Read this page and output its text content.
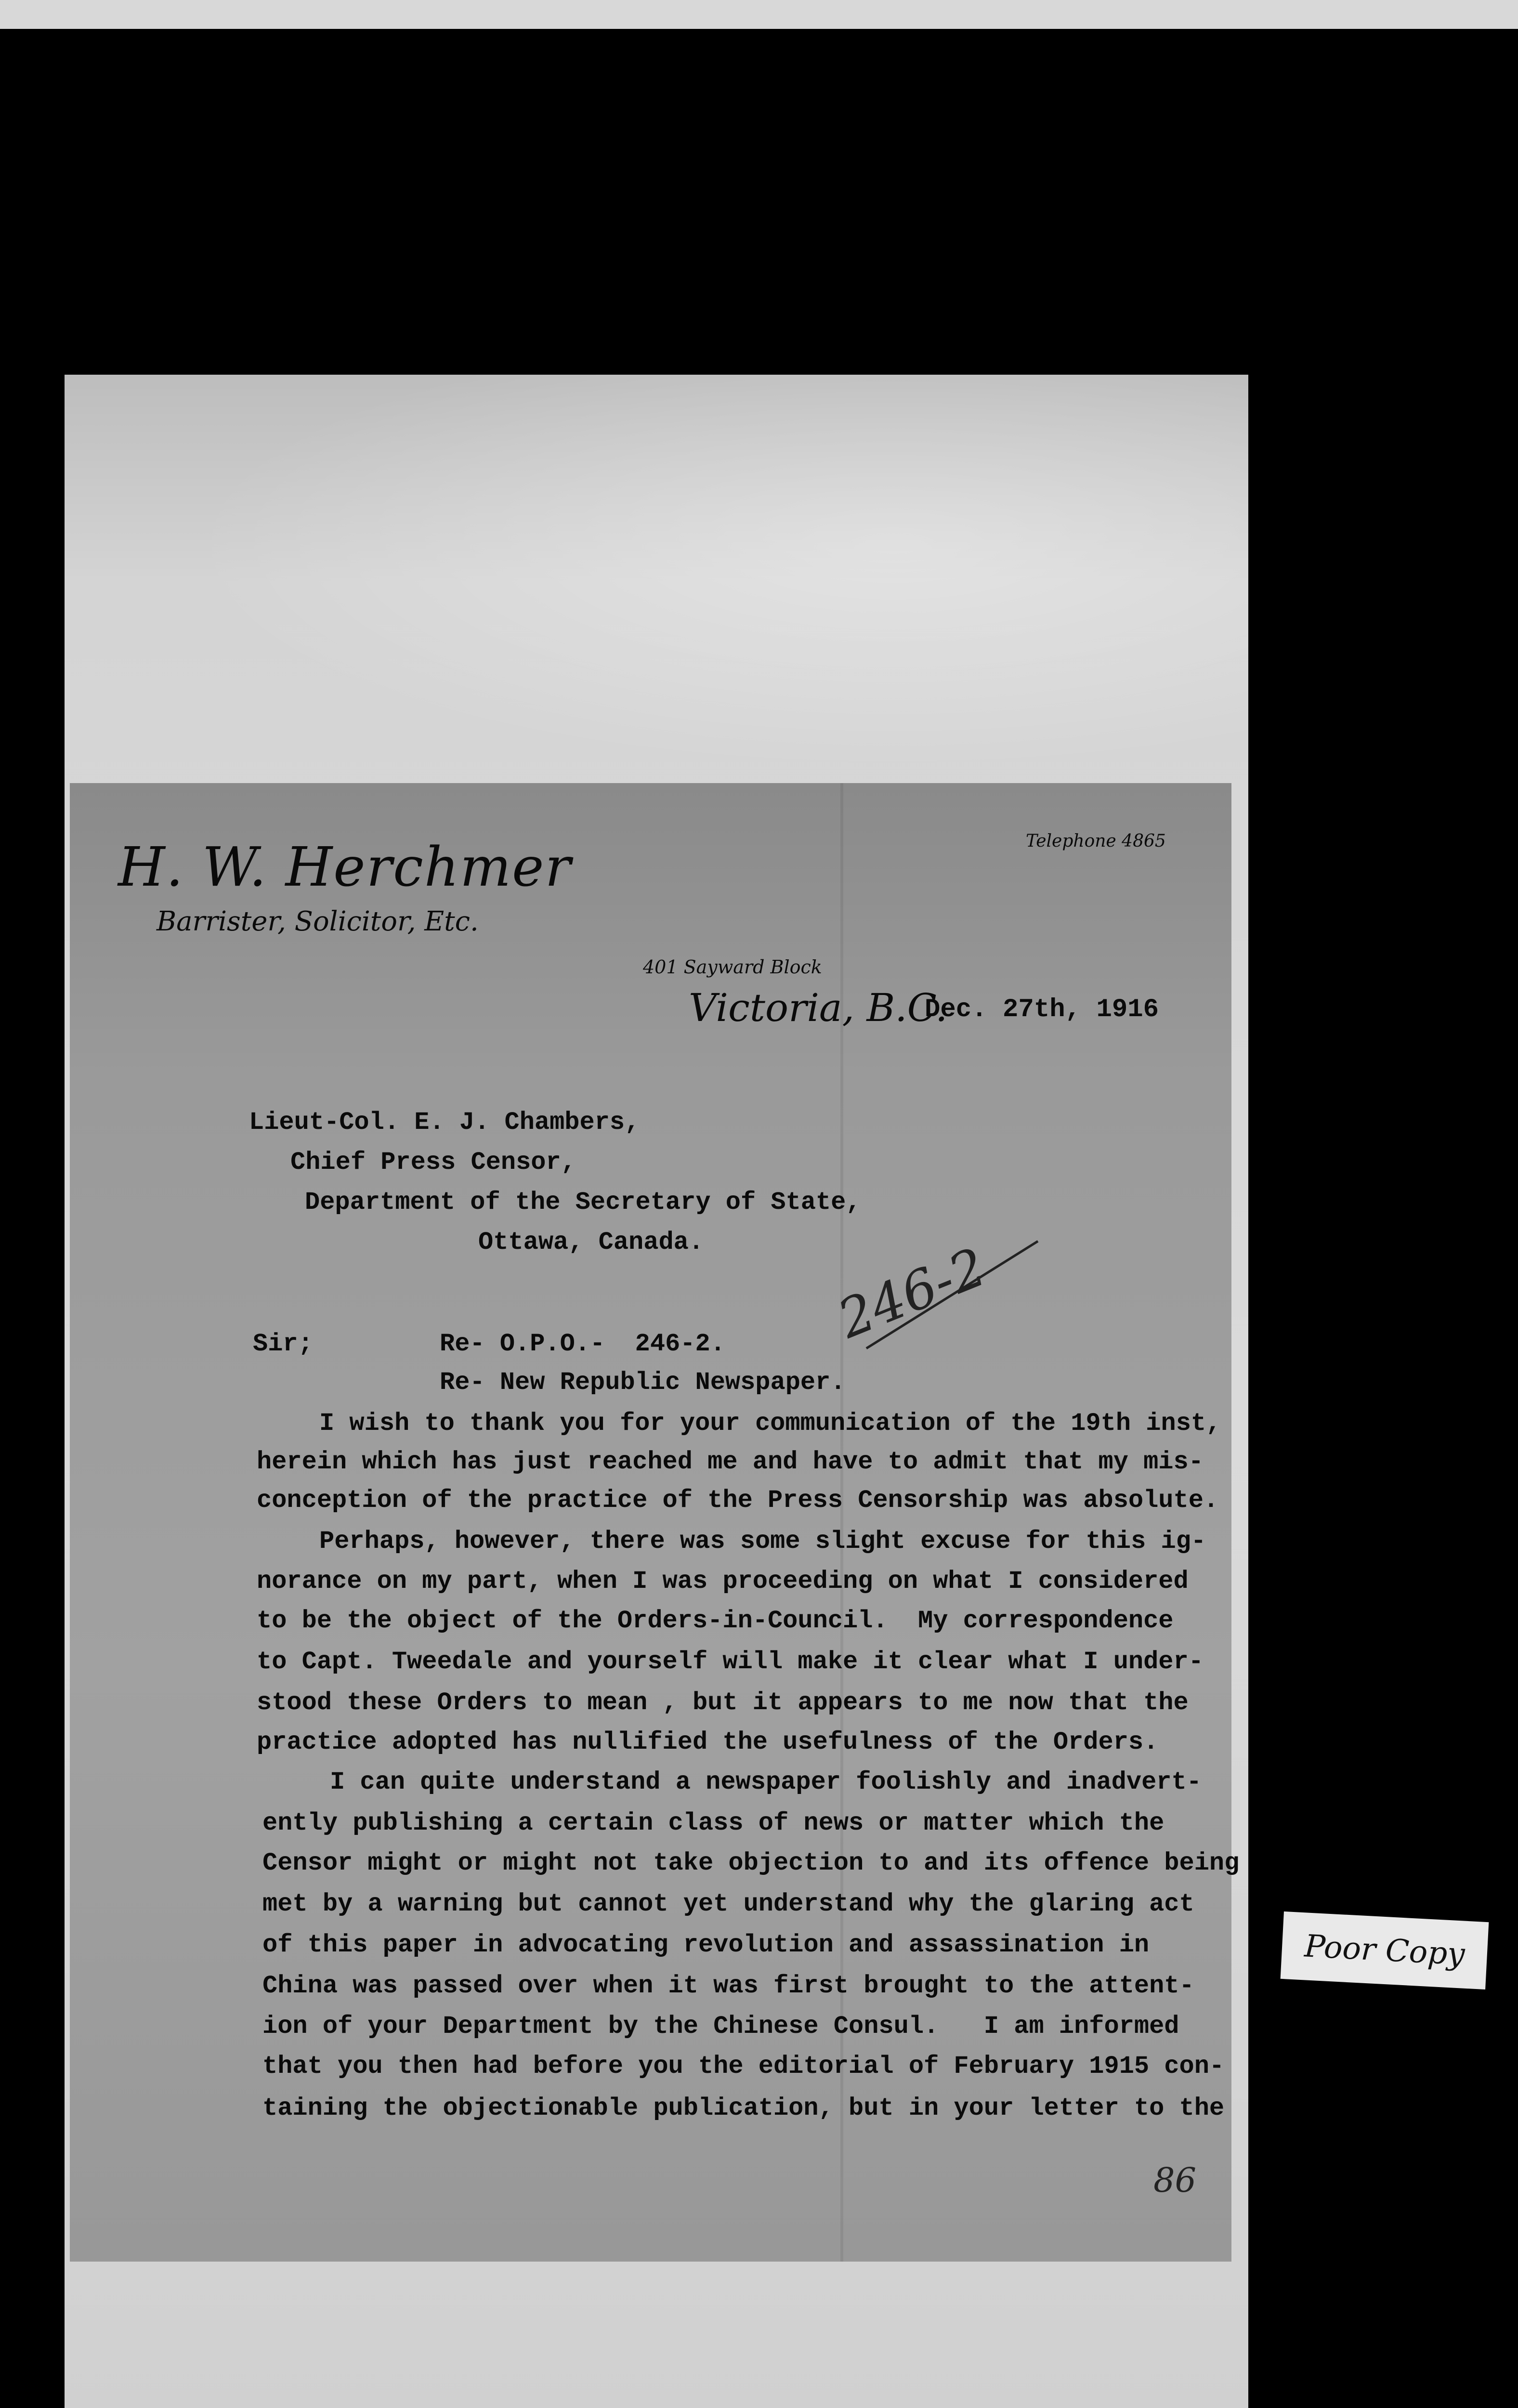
H. W. Herchmer
Barrister, Solicitor, Etc.
Telephone 4865
401 Sayward Block
Victoria, B.C.
Dec. 27th, 1916
Lieut-Col. E. J. Chambers,
Chief Press Censor,
Department of the Secretary of State,
Ottawa, Canada.
Sir;	Re- O.P.O.-  246-2.
Re- New Republic Newspaper.
I wish to thank you for your communication of the 19th inst,
herein which has just reached me and have to admit that my mis-
conception of the practice of the Press Censorship was absolute.
Perhaps, however, there was some slight excuse for this ig-
norance on my part, when I was proceeding on what I considered
to be the object of the Orders-in-Council.  My correspondence
to Capt. Tweedale and yourself will make it clear what I under-
stood these Orders to mean , but it appears to me now that the
practice adopted has nullified the usefulness of the Orders.
I can quite understand a newspaper foolishly and inadvert-
ently publishing a certain class of news or matter which the
Censor might or might not take objection to and its offence being
met by a warning but cannot yet understand why the glaring act
of this paper in advocating revolution and assassination in
China was passed over when it was first brought to the attent-
ion of your Department by the Chinese Consul.   I am informed
that you then had before you the editorial of February 1915 con-
taining the objectionable publication, but in your letter to the
246-2
86
Poor Copy
